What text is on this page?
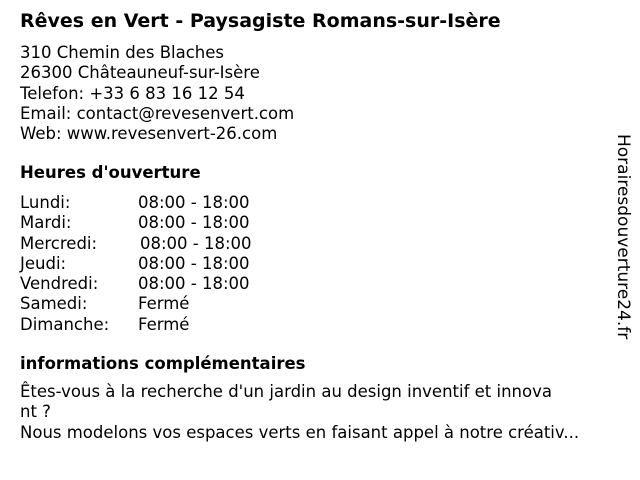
Rêves en Vert - Paysagiste Romans-sur-Isère
310 Chemin des Blaches
26300 Châteauneuf-sur-Isère
Telefon: +33 6 83 16 12 54
Email: contact@revesenvert.com
Web: www.revesenvert-26.com
Heures d'ouverture
Lundi:	08:00 - 18:00
Mardi:	08:00 - 18:00
Mercredi:	08:00 - 18:00
Jeudi:	08:00 - 18:00
Vendredi: 08:00 - 18:00
Samedi:	Fermé
Dimanche: Fermé
informations complémentaires
Êtes-vous à la recherche d'un jardin au design inventif et innova
nt ?
Nous modelons vos espaces verts en faisant appel à notre créativ...
Horairesdouverture24.fr
